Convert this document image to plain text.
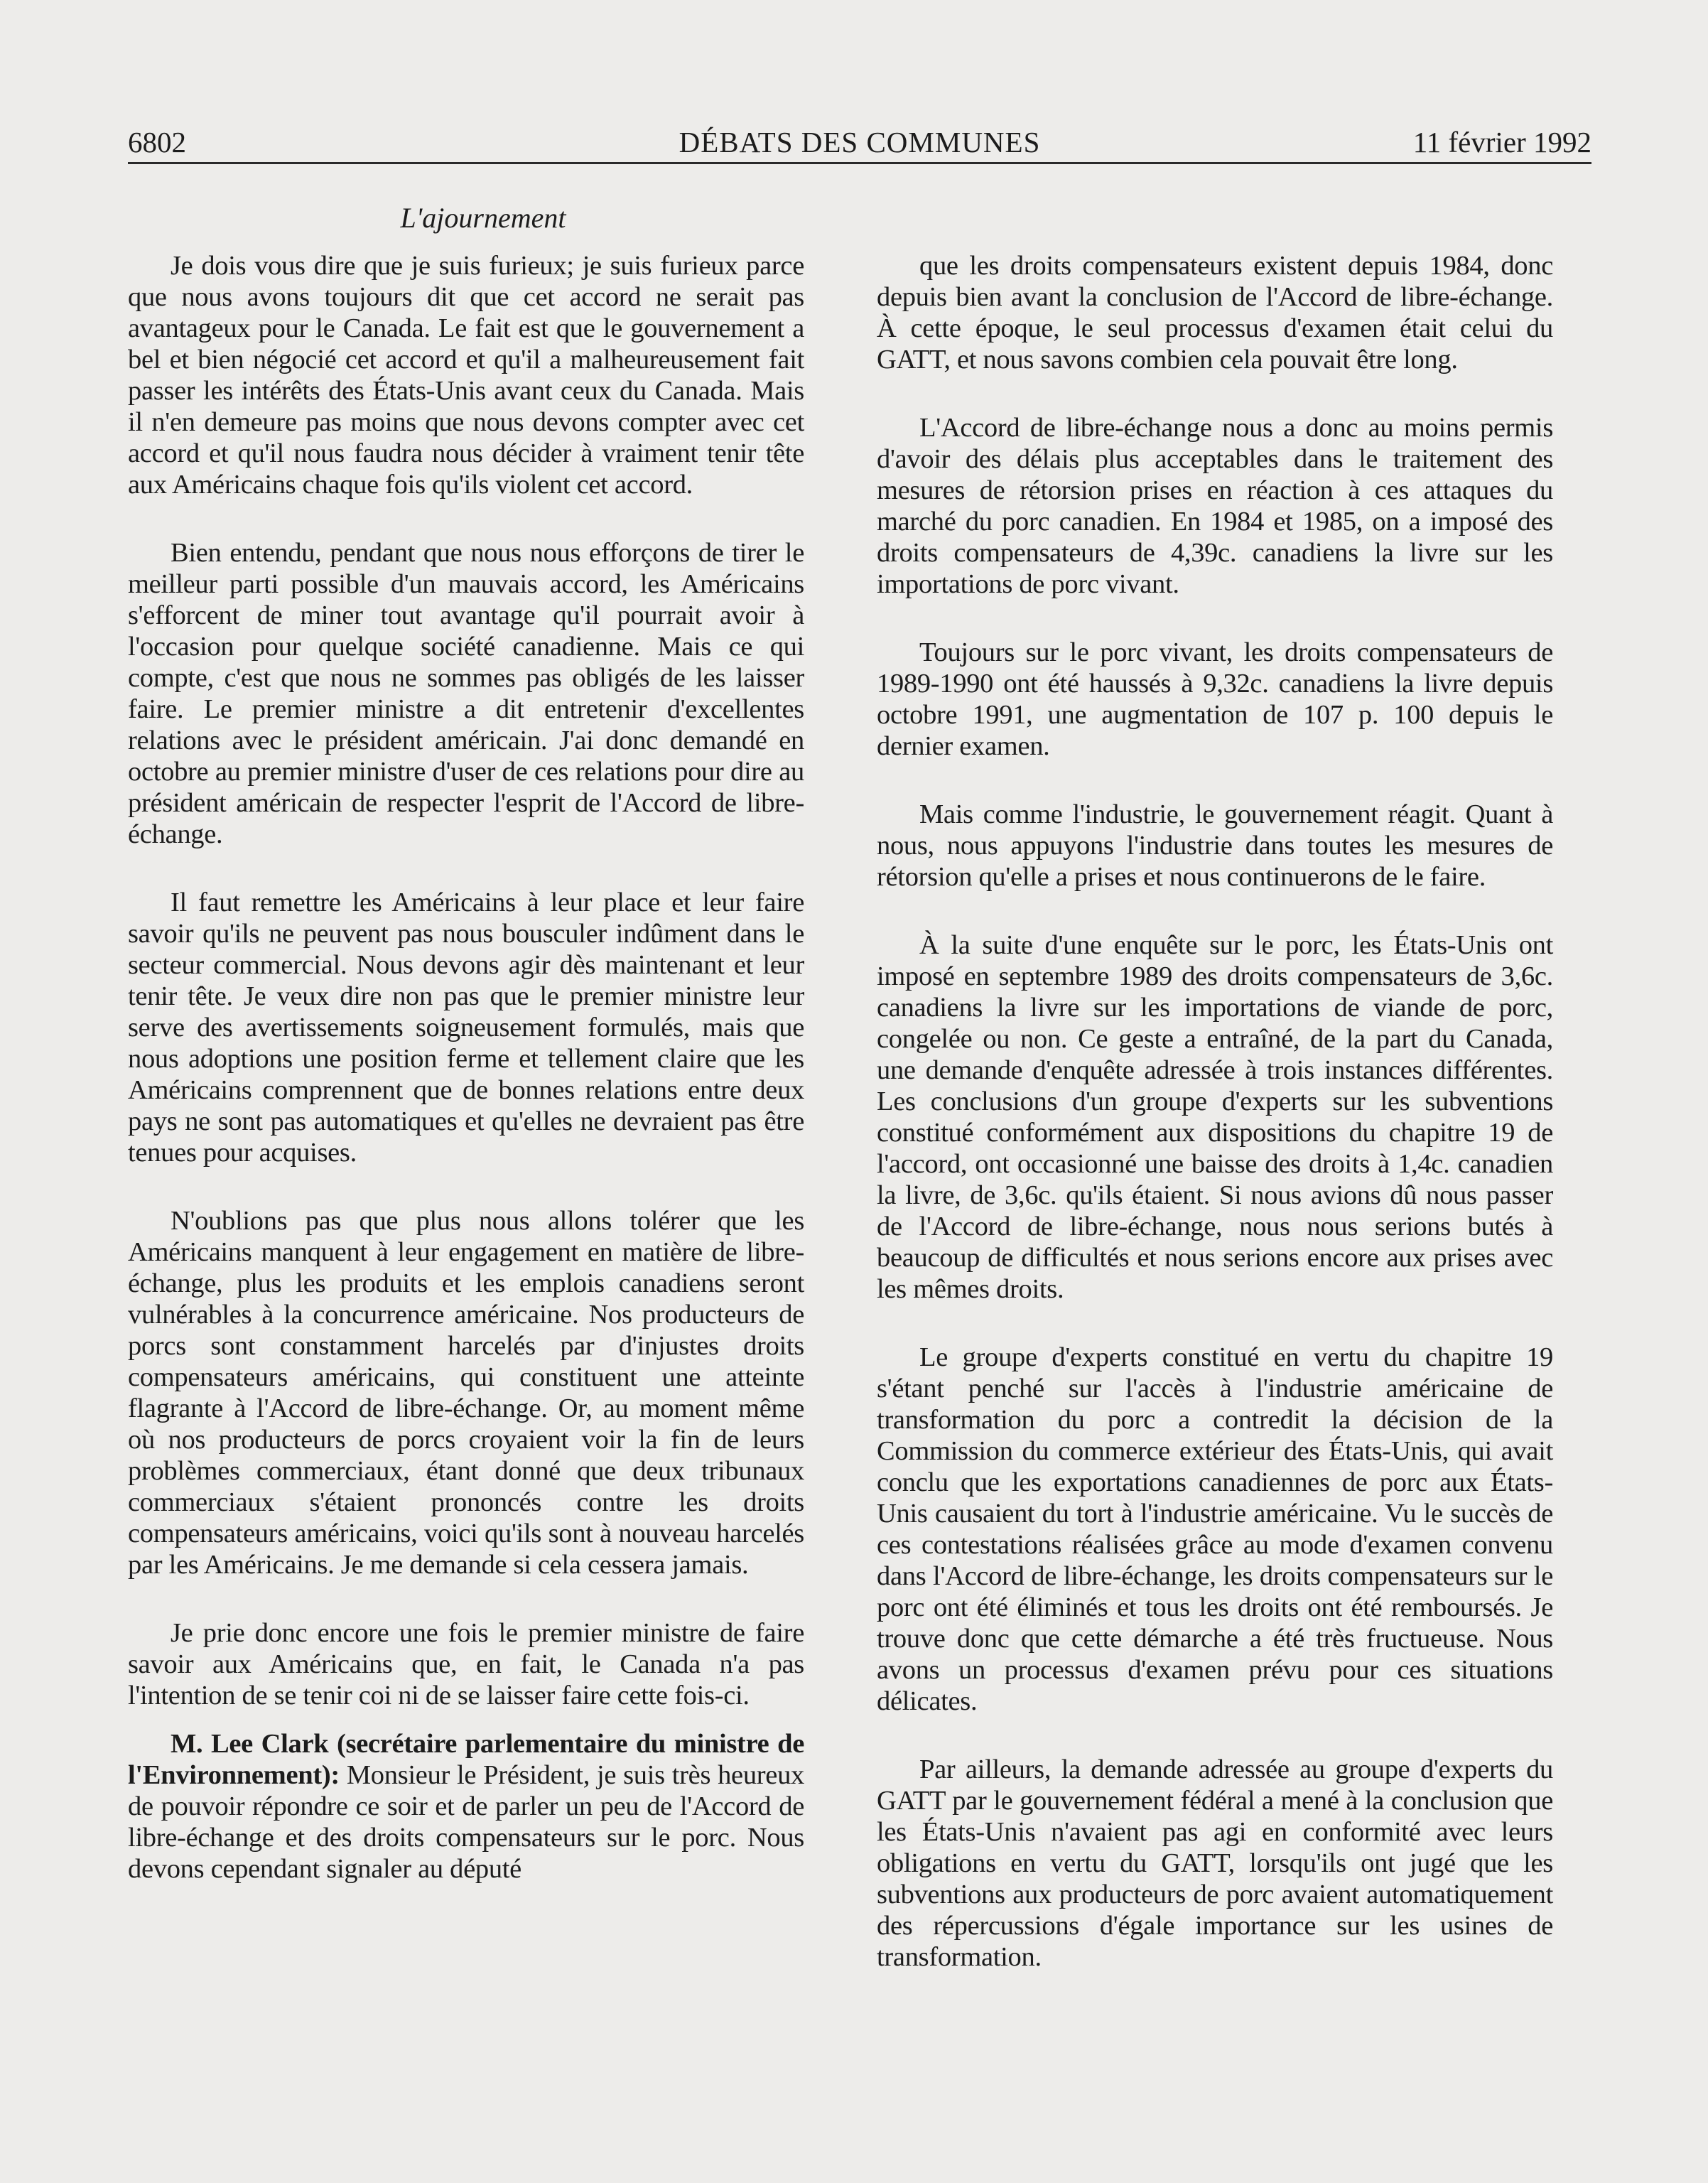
6802	DÉBATS DES COMMUNES	11 février 1992
L'ajournement

Je dois vous dire que je suis furieux; je suis furieux parce que nous avons toujours dit que cet accord ne serait pas avantageux pour le Canada. Le fait est que le gouvernement a bel et bien négocié cet accord et qu'il a malheureusement fait passer les intérêts des États-Unis avant ceux du Canada. Mais il n'en demeure pas moins que nous devons compter avec cet accord et qu'il nous faudra nous décider à vraiment tenir tête aux Américains chaque fois qu'ils violent cet accord.

Bien entendu, pendant que nous nous efforçons de tirer le meilleur parti possible d'un mauvais accord, les Américains s'efforcent de miner tout avantage qu'il pourrait avoir à l'occasion pour quelque société canadienne. Mais ce qui compte, c'est que nous ne sommes pas obligés de les laisser faire. Le premier ministre a dit entretenir d'excellentes relations avec le président américain. J'ai donc demandé en octobre au premier ministre d'user de ces relations pour dire au président américain de respecter l'esprit de l'Accord de libre-échange.

Il faut remettre les Américains à leur place et leur faire savoir qu'ils ne peuvent pas nous bousculer indûment dans le secteur commercial. Nous devons agir dès maintenant et leur tenir tête. Je veux dire non pas que le premier ministre leur serve des avertissements soigneusement formulés, mais que nous adoptions une position ferme et tellement claire que les Américains comprennent que de bonnes relations entre deux pays ne sont pas automatiques et qu'elles ne devraient pas être tenues pour acquises.

N'oublions pas que plus nous allons tolérer que les Américains manquent à leur engagement en matière de libre-échange, plus les produits et les emplois canadiens seront vulnérables à la concurrence américaine. Nos producteurs de porcs sont constamment harcelés par d'injustes droits compensateurs américains, qui constituent une atteinte flagrante à l'Accord de libre-échange. Or, au moment même où nos producteurs de porcs croyaient voir la fin de leurs problèmes commerciaux, étant donné que deux tribunaux commerciaux s'étaient prononcés contre les droits compensateurs américains, voici qu'ils sont à nouveau harcelés par les Américains. Je me demande si cela cessera jamais.

Je prie donc encore une fois le premier ministre de faire savoir aux Américains que, en fait, le Canada n'a pas l'intention de se tenir coi ni de se laisser faire cette fois-ci.

M. Lee Clark (secrétaire parlementaire du ministre de l'Environnement): Monsieur le Président, je suis très heureux de pouvoir répondre ce soir et de parler un peu de l'Accord de libre-échange et des droits compensateurs sur le porc. Nous devons cependant signaler au député

que les droits compensateurs existent depuis 1984, donc depuis bien avant la conclusion de l'Accord de libre-échange. À cette époque, le seul processus d'examen était celui du GATT, et nous savons combien cela pouvait être long.

L'Accord de libre-échange nous a donc au moins permis d'avoir des délais plus acceptables dans le traitement des mesures de rétorsion prises en réaction à ces attaques du marché du porc canadien. En 1984 et 1985, on a imposé des droits compensateurs de 4,39c. canadiens la livre sur les importations de porc vivant.

Toujours sur le porc vivant, les droits compensateurs de 1989-1990 ont été haussés à 9,32c. canadiens la livre depuis octobre 1991, une augmentation de 107 p. 100 depuis le dernier examen.

Mais comme l'industrie, le gouvernement réagit. Quant à nous, nous appuyons l'industrie dans toutes les mesures de rétorsion qu'elle a prises et nous continuerons de le faire.

À la suite d'une enquête sur le porc, les États-Unis ont imposé en septembre 1989 des droits compensateurs de 3,6c. canadiens la livre sur les importations de viande de porc, congelée ou non. Ce geste a entraîné, de la part du Canada, une demande d'enquête adressée à trois instances différentes. Les conclusions d'un groupe d'experts sur les subventions constitué conformément aux dispositions du chapitre 19 de l'accord, ont occasionné une baisse des droits à 1,4c. canadien la livre, de 3,6c. qu'ils étaient. Si nous avions dû nous passer de l'Accord de libre-échange, nous nous serions butés à beaucoup de difficultés et nous serions encore aux prises avec les mêmes droits.

Le groupe d'experts constitué en vertu du chapitre 19 s'étant penché sur l'accès à l'industrie américaine de transformation du porc a contredit la décision de la Commission du commerce extérieur des États-Unis, qui avait conclu que les exportations canadiennes de porc aux États-Unis causaient du tort à l'industrie américaine. Vu le succès de ces contestations réalisées grâce au mode d'examen convenu dans l'Accord de libre-échange, les droits compensateurs sur le porc ont été éliminés et tous les droits ont été remboursés. Je trouve donc que cette démarche a été très fructueuse. Nous avons un processus d'examen prévu pour ces situations délicates.

Par ailleurs, la demande adressée au groupe d'experts du GATT par le gouvernement fédéral a mené à la conclusion que les États-Unis n'avaient pas agi en conformité avec leurs obligations en vertu du GATT, lorsqu'ils ont jugé que les subventions aux producteurs de porc avaient automatiquement des répercussions d'égale importance sur les usines de transformation.
